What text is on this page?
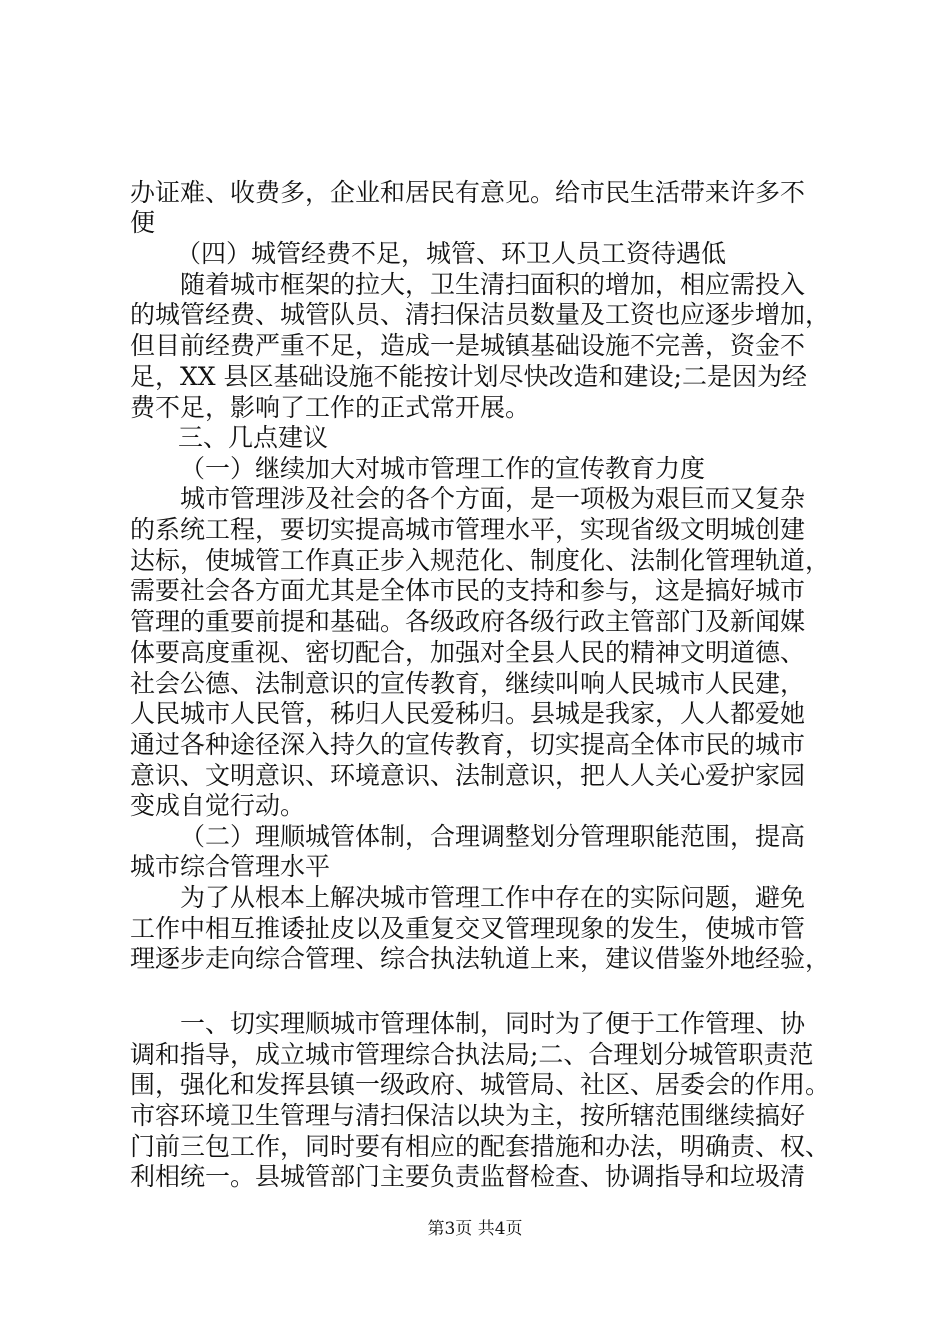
办证难、收费多，企业和居民有意见。给市民生活带来许多不
便
（四）城管经费不足，城管、环卫人员工资待遇低
随着城市框架的拉大，卫生清扫面积的增加，相应需投入
的城管经费、城管队员、清扫保洁员数量及工资也应逐步增加，
但目前经费严重不足，造成一是城镇基础设施不完善，资金不
足，XX 县区基础设施不能按计划尽快改造和建设;二是因为经
费不足，影响了工作的正式常开展。
三、几点建议
（一）继续加大对城市管理工作的宣传教育力度
城市管理涉及社会的各个方面，是一项极为艰巨而又复杂
的系统工程，要切实提高城市管理水平，实现省级文明城创建
达标，使城管工作真正步入规范化、制度化、法制化管理轨道，
需要社会各方面尤其是全体市民的支持和参与，这是搞好城市
管理的重要前提和基础。各级政府各级行政主管部门及新闻媒
体要高度重视、密切配合，加强对全县人民的精神文明道德、
社会公德、法制意识的宣传教育，继续叫响人民城市人民建，
人民城市人民管，秭归人民爱秭归。县城是我家，人人都爱她
通过各种途径深入持久的宣传教育，切实提高全体市民的城市
意识、文明意识、环境意识、法制意识，把人人关心爱护家园
变成自觉行动。
（二）理顺城管体制，合理调整划分管理职能范围，提高
城市综合管理水平
为了从根本上解决城市管理工作中存在的实际问题，避免
工作中相互推诿扯皮以及重复交叉管理现象的发生，使城市管
理逐步走向综合管理、综合执法轨道上来，建议借鉴外地经验，
一、切实理顺城市管理体制，同时为了便于工作管理、协
调和指导，成立城市管理综合执法局;二、合理划分城管职责范
围，强化和发挥县镇一级政府、城管局、社区、居委会的作用。
市容环境卫生管理与清扫保洁以块为主，按所辖范围继续搞好
门前三包工作，同时要有相应的配套措施和办法，明确责、权、
利相统一。县城管部门主要负责监督检查、协调指导和垃圾清
第3页 共4页
